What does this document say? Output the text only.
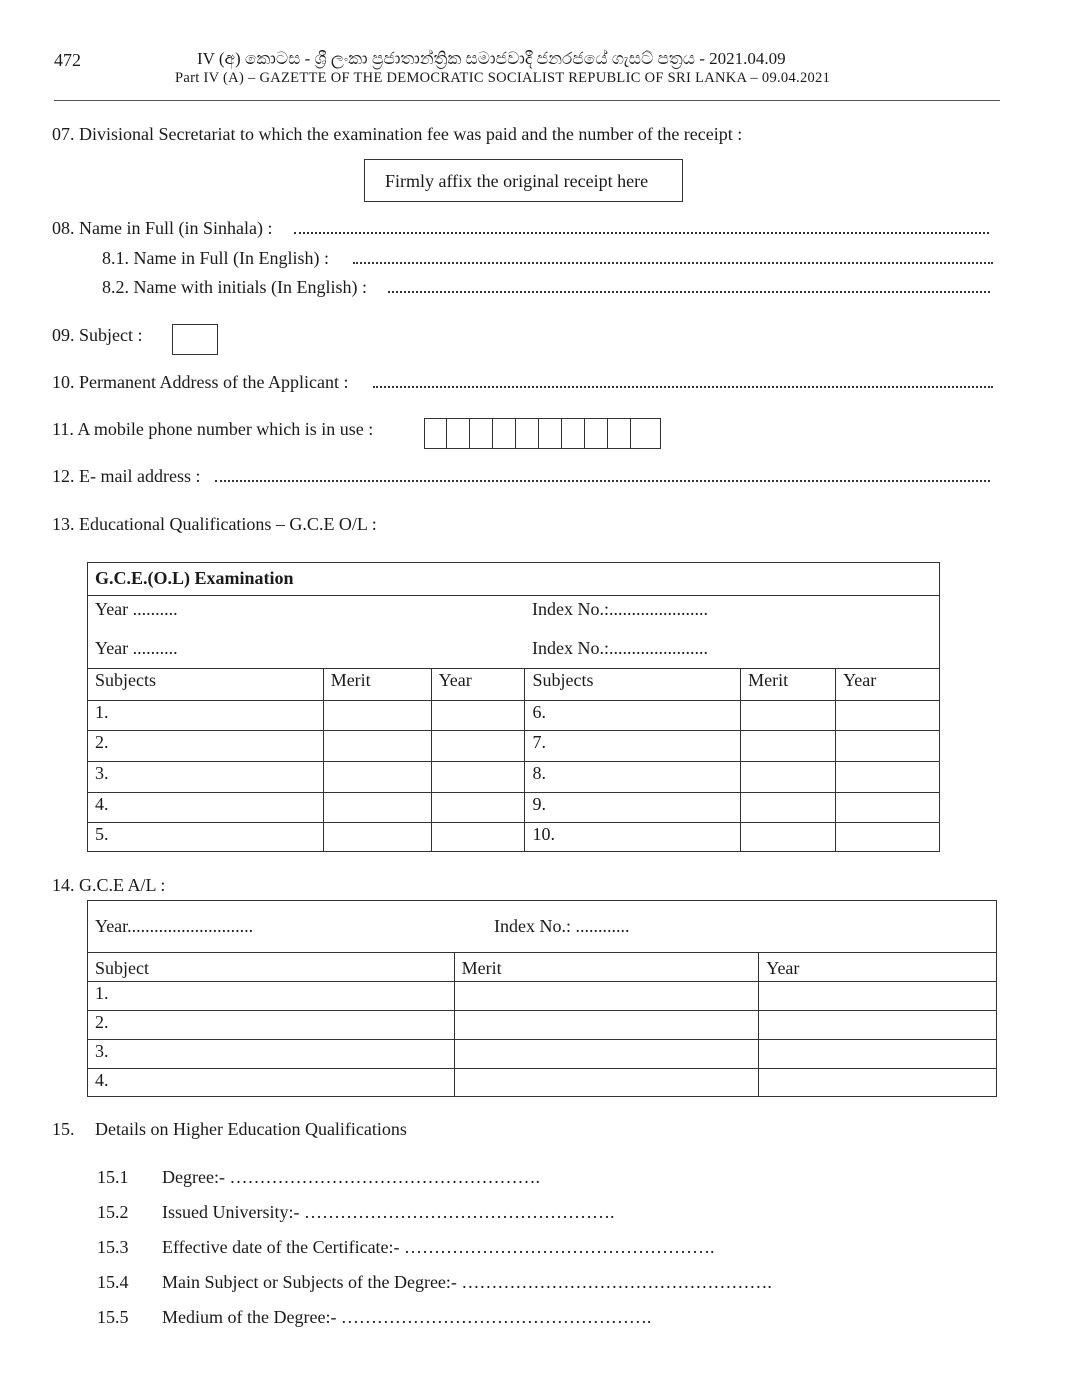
472	IV (අ) කොටස - ශ්‍රී ලංකා ප්‍රජාතාන්ත්‍රික සමාජවාදී ජනරජයේ ගැසට් පත්‍රය - 2021.04.09
Part IV (A) – GAZETTE OF THE DEMOCRATIC SOCIALIST REPUBLIC OF SRI LANKA – 09.04.2021
07. Divisional Secretariat to which the examination fee was paid and the number of the receipt :
Firmly affix the original receipt here
08. Name in Full (in Sinhala) :
8.1. Name in Full (In English) :
8.2. Name with initials (In English) :
09. Subject :
10. Permanent Address of the Applicant :
11. A mobile phone number which is in use :
12. E- mail address :
13. Educational Qualifications – G.C.E O/L :
G.C.E.(O.L) Examination					

Year .......... Index No.:......................
Year .......... Index No.:......................					

Subjects	Merit	Year	Subjects	Merit	Year
1.			6.		
2.			7.		
3.			8.		
4.			9.		
5.			10.		
14. G.C.E A/L :
Year............................ Index No.: ............		

Subject	Merit	Year
1.		
2.		
3.		
4.		
15. Details on Higher Education Qualifications
15.1 Degree:- …………………………………………….
15.2 Issued University:- …………………………………………….
15.3 Effective date of the Certificate:- …………………………………………….
15.4 Main Subject or Subjects of the Degree:- …………………………………………….
15.5 Medium of the Degree:- …………………………………………….
